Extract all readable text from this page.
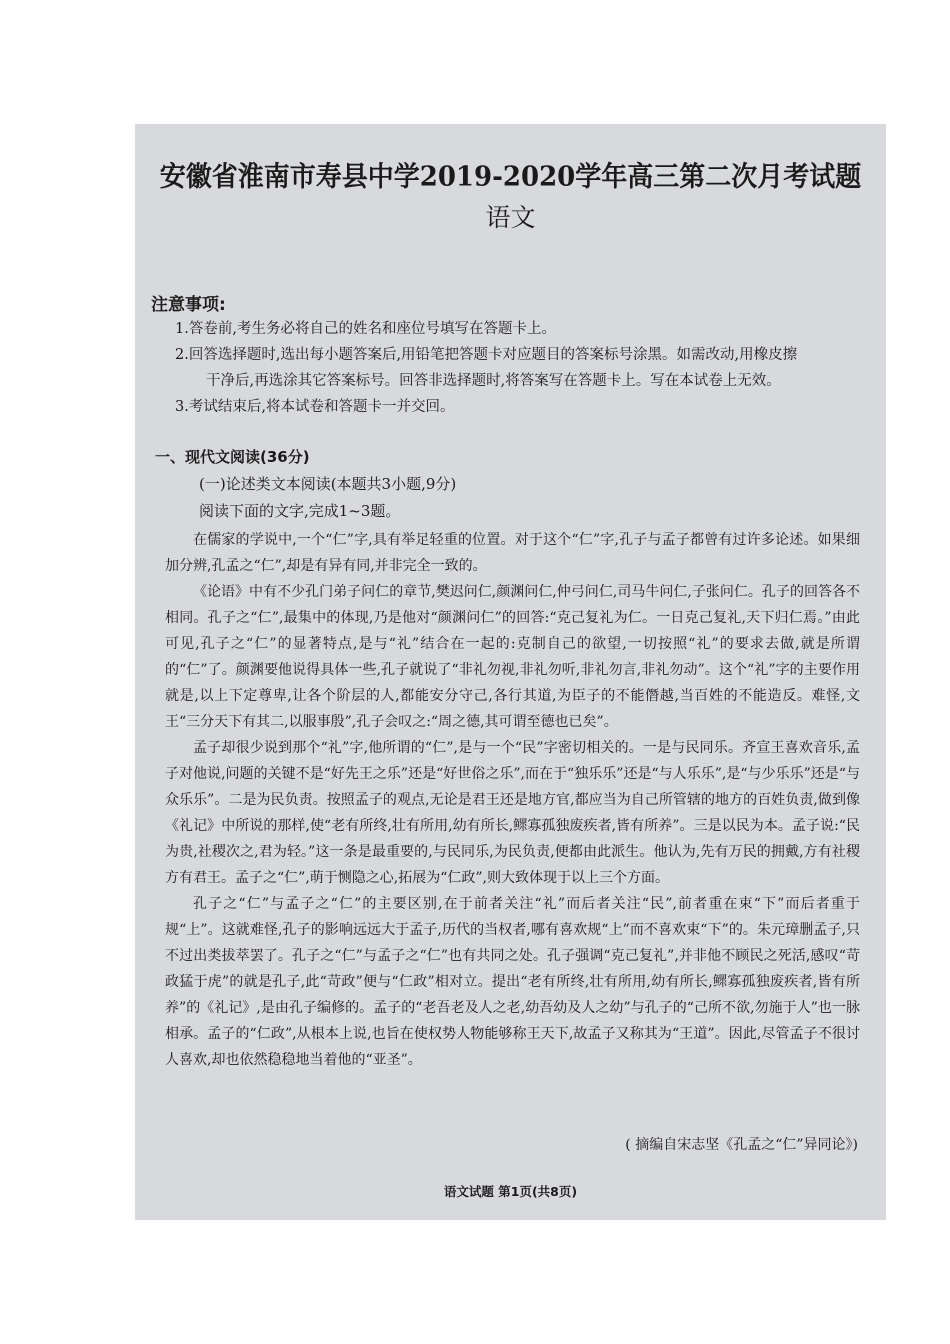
安徽省淮南市寿县中学2019-2020学年高三第二次月考试题
语文
注意事项:

1.答卷前,考生务必将自己的姓名和座位号填写在答题卡上。

2.回答选择题时,选出每小题答案后,用铅笔把答题卡对应题目的答案标号涂黑。如需改动,用橡皮擦

干净后,再选涂其它答案标号。回答非选择题时,将答案写在答题卡上。写在本试卷上无效。

3.考试结束后,将本试卷和答题卡一并交回。

一、现代文阅读(36分)
(一)论述类文本阅读(本题共3小题,9分)
阅读下面的文字,完成1~3题。

在儒家的学说中,一个“仁”字,具有举足轻重的位置。对于这个“仁”字,孔子与孟子都曾有过许多论述。如果细加分辨,孔孟之“仁”,却是有异有同,并非完全一致的。

《论语》中有不少孔门弟子问仁的章节,樊迟问仁,颜渊问仁,仲弓问仁,司马牛问仁,子张问仁。孔子的回答各不相同。孔子之“仁”,最集中的体现,乃是他对“颜渊问仁”的回答:“克己复礼为仁。一日克己复礼,天下归仁焉。”由此可见,孔子之“仁”的显著特点,是与“礼”结合在一起的:克制自己的欲望,一切按照“礼”的要求去做,就是所谓的“仁”了。颜渊要他说得具体一些,孔子就说了“非礼勿视,非礼勿听,非礼勿言,非礼勿动”。这个“礼”字的主要作用就是,以上下定尊卑,让各个阶层的人,都能安分守己,各行其道,为臣子的不能僭越,当百姓的不能造反。难怪,文王“三分天下有其二,以服事殷”,孔子会叹之:“周之德,其可谓至德也已矣”。

孟子却很少说到那个“礼”字,他所谓的“仁”,是与一个“民”字密切相关的。一是与民同乐。齐宣王喜欢音乐,孟子对他说,问题的关键不是“好先王之乐”还是“好世俗之乐”,而在于“独乐乐”还是“与人乐乐”,是“与少乐乐”还是“与众乐乐”。二是为民负责。按照孟子的观点,无论是君王还是地方官,都应当为自己所管辖的地方的百姓负责,做到像《礼记》中所说的那样,使“老有所终,壮有所用,幼有所长,鳏寡孤独废疾者,皆有所养”。三是以民为本。孟子说:“民为贵,社稷次之,君为轻。”这一条是最重要的,与民同乐,为民负责,便都由此派生。他认为,先有万民的拥戴,方有社稷方有君王。孟子之“仁”,萌于恻隐之心,拓展为“仁政”,则大致体现于以上三个方面。

孔子之“仁”与孟子之“仁”的主要区别,在于前者关注“礼”而后者关注“民”,前者重在束“下”而后者重于规“上”。这就难怪,孔子的影响远远大于孟子,历代的当权者,哪有喜欢规“上”而不喜欢束“下”的。朱元璋删孟子,只不过出类拔萃罢了。孔子之“仁”与孟子之“仁”也有共同之处。孔子强调“克己复礼”,并非他不顾民之死活,感叹“苛政猛于虎”的就是孔子,此“苛政”便与“仁政”相对立。提出“老有所终,壮有所用,幼有所长,鳏寡孤独废疾者,皆有所养”的《礼记》,是由孔子编修的。孟子的“老吾老及人之老,幼吾幼及人之幼”与孔子的“己所不欲,勿施于人”也一脉相承。孟子的“仁政”,从根本上说,也旨在使权势人物能够称王天下,故孟子又称其为“王道”。因此,尽管孟子不很讨人喜欢,却也依然稳稳地当着他的“亚圣”。

( 摘编自宋志坚《孔孟之“仁”异同论》)
语文试题 第1页(共8页)
